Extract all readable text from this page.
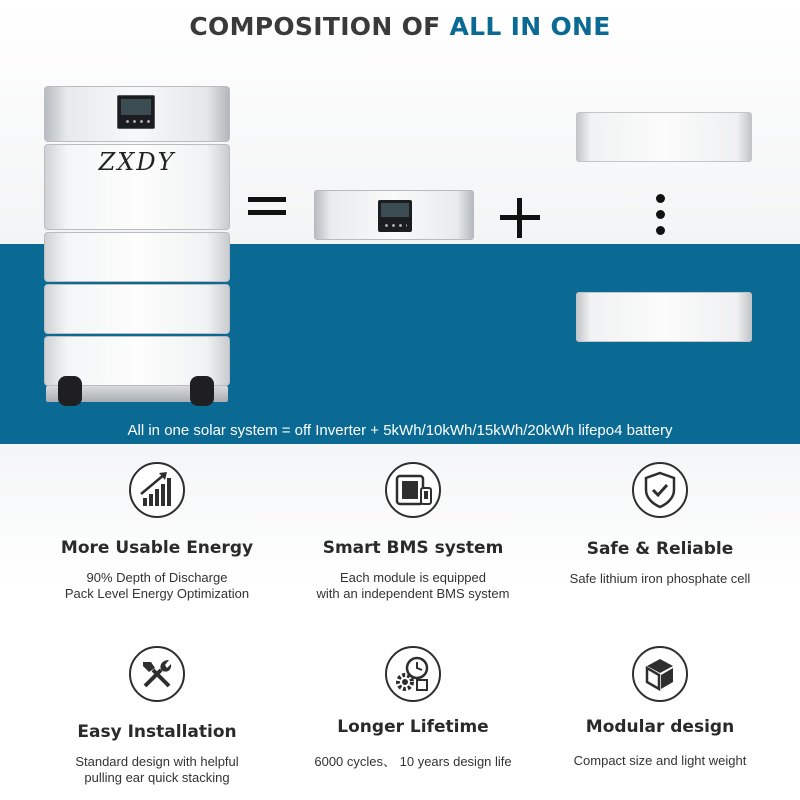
COMPOSITION OF ALL IN ONE
ZXDY
All in one solar system = off Inverter + 5kWh/10kWh/15kWh/20kWh lifepo4 battery
More Usable Energy
90% Depth of Discharge
Pack Level Energy Optimization
Smart BMS system
Each module is equipped
with an independent BMS system
Safe & Reliable
Safe lithium iron phosphate cell
Easy Installation
Standard design with helpful
pulling ear quick stacking
Longer Lifetime
6000 cycles、 10 years design life
Modular design
Compact size and light weight
